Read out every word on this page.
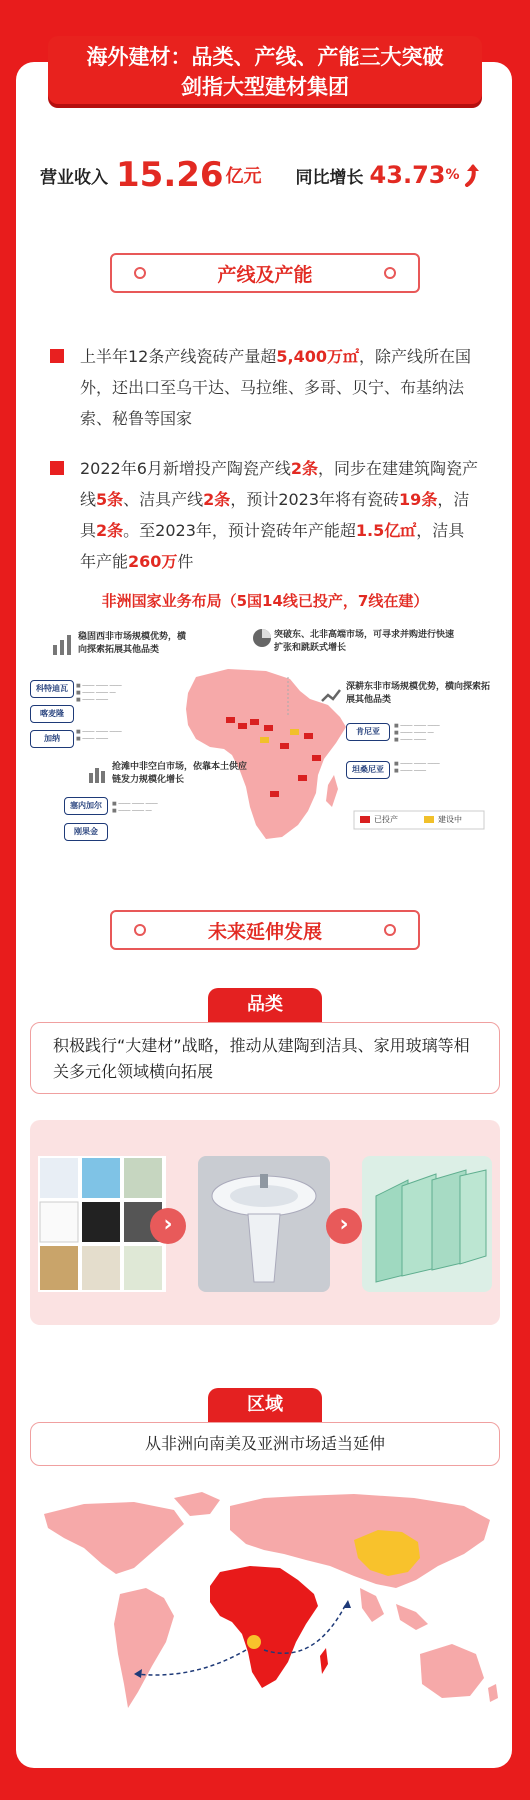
海外建材：品类、产线、产能三大突破
剑指大型建材集团
营业收入 15.26 亿元 同比增长 43.73 %
产线及产能
上半年12条产线瓷砖产量超5,400万㎡，除产线所在国外，还出口至乌干达、马拉维、多哥、贝宁、布基纳法索、秘鲁等国家
2022年6月新增投产陶瓷产线2条，同步在建建筑陶瓷产线5条、洁具产线2条，预计2023年将有瓷砖19条，洁具2条。至2023年，预计瓷砖年产能超1.5亿㎡，洁具年产能260万件
非洲国家业务布局（5国14线已投产，7线在建）
稳固西非市场规模优势，横向探索拓展其他品类
突破东、北非高端市场，可寻求并购进行快速扩张和跳跃式增长
深耕东非市场规模优势，横向探索拓展其他品类
抢滩中非空白市场，依靠本土供应链发力规模化增长
科特迪瓦
喀麦隆
加纳
塞内加尔
刚果金
肯尼亚
坦桑尼亚
■ ──── ──── ────
■ ──── ──── ──
■ ──── ────
■ ──── ──── ────
■ ──── ────
■ ──── ──── ────
■ ──── ──── ──
■ ──── ──── ────
■ ──── ──── ──
■ ──── ────
■ ──── ──── ────
■ ──── ────
已投产	建设中
未来延伸发展
品类
积极践行“大建材”战略，推动从建陶到洁具、家用玻璃等相关多元化领域横向拓展
›	›
区域
从非洲向南美及亚洲市场适当延伸
